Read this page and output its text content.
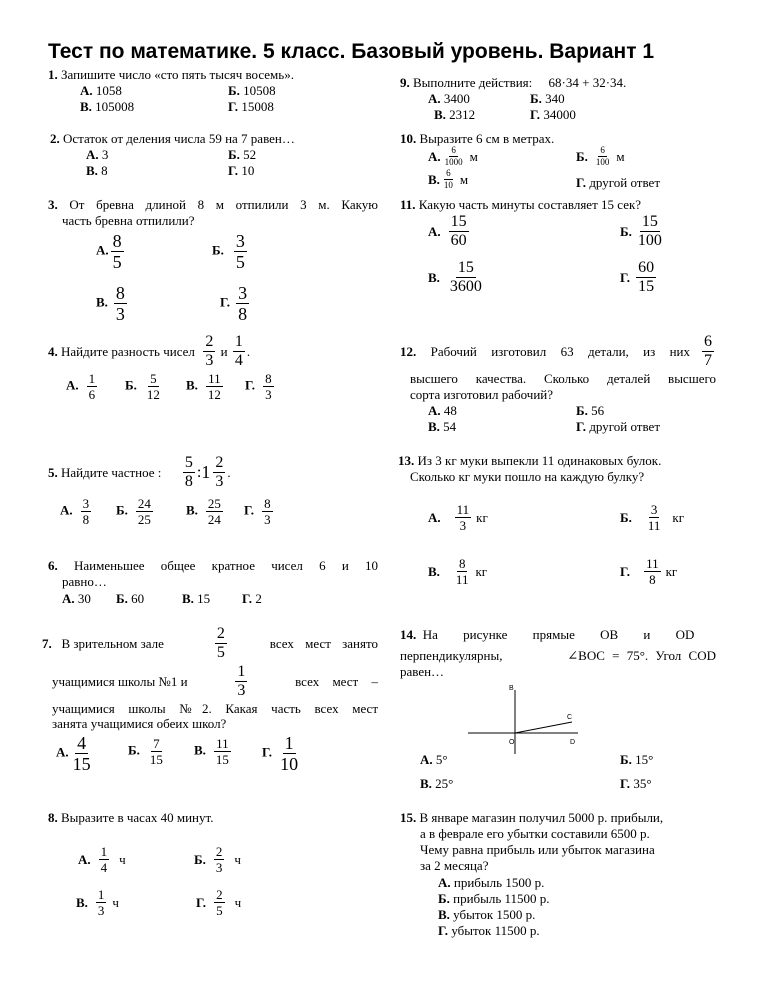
Тест по математике. 5 класс. Базовый уровень. Вариант 1
1. Запишите число «сто пять тысяч восемь».
А. 1058	Б. 10508
В. 105008	Г. 15008
2. Остаток от деления числа 59 на 7 равен…
А. 3	Б. 52
В. 8	Г. 10
3. От бревна длиной 8 м отпилили 3 м. Какую
часть бревна отпилили?
А. $\frac{8}{5}$	Б. $\frac{3}{5}$
В. $\frac{8}{3}$	Г. $\frac{3}{8}$
4.
Найдите разность чисел
$\frac{2}{3}$
и
$\frac{1}{4}$ .
А. $\frac{1}{6} Б$. $\frac{5}{12} В$. $\frac{11}{12} Г$. $\frac{8}{3}$
5.
Найдите частное :
$\frac{5}{8}$ : $1 \frac{2}{3}$ .
А. $\frac{3}{8} Б$. $\frac{24}{25}$	В. $\frac{25}{24} Г$. $\frac{8}{3}$
6. Наименьшее общее кратное чисел 6 и 10
равно…
А. 30 Б. 60	В. 15 Г. 2
7. В зрительном зале	$\frac{2}{5}$	всех мест занято
учащимися школы №1 и	$\frac{1}{3}$	всех мест –
учащимися школы №2. Какая часть всех мест
занята учащимися обеих школ?
А. $\frac{4}{15}$	Б. $\frac{7}{15} В$. $\frac{11}{15} Г$. $\frac{1}{10}$
8. Выразите в часах 40 минут.
А. $\frac{1}{4}$ ч	Б. $\frac{2}{3}$ ч
В. $\frac{1}{3}$ ч	Г. $\frac{2}{5}$ ч
9. Выполните действия: 68·34 + 32·34.
А. 3400	Б. 340
В. 2312	Г. 34000
10. Выразите 6 см в метрах.
А. $\frac{6}{1000}$ м	Б. $\frac{6}{100}$ м
В. $\frac{6}{10}$ м	Г. другой ответ
11. Какую часть минуты составляет 15 сек?
А. $\frac{15}{60}$	Б. $\frac{15}{100}$
В. $\frac{15}{3600}$	Г. $\frac{60}{15}$
12. Рабочий изготовил 63 детали, из них $\frac{6}{7}$
высшего качества. Сколько деталей высшего
сорта изготовил рабочий?
А. 48	Б. 56
В. 54	Г. другой ответ
13. Из 3 кг муки выпекли 11 одинаковых булок.
Сколько кг муки пошло на каждую булку?
А. $\frac{11}{3}$ кг	Б. $\frac{3}{11}$ кг
В. $\frac{8}{11}$ кг	Г. $\frac{11}{8}$ кг
14. На рисунке прямые OB и OD
перпендикулярны,	∠BOC = 75°. Угол COD
равен…
B
C
O	D
А. 5°	Б. 15°
В. 25°	Г. 35°
15. В январе магазин получил 5000 р. прибыли,
а в феврале его убытки составили 6500 р.
Чему равна прибыль или убыток магазина
за 2 месяца?
А. прибыль 1500 р.
Б. прибыль 11500 р.
В. убыток 1500 р.
Г. убыток 11500 р.
